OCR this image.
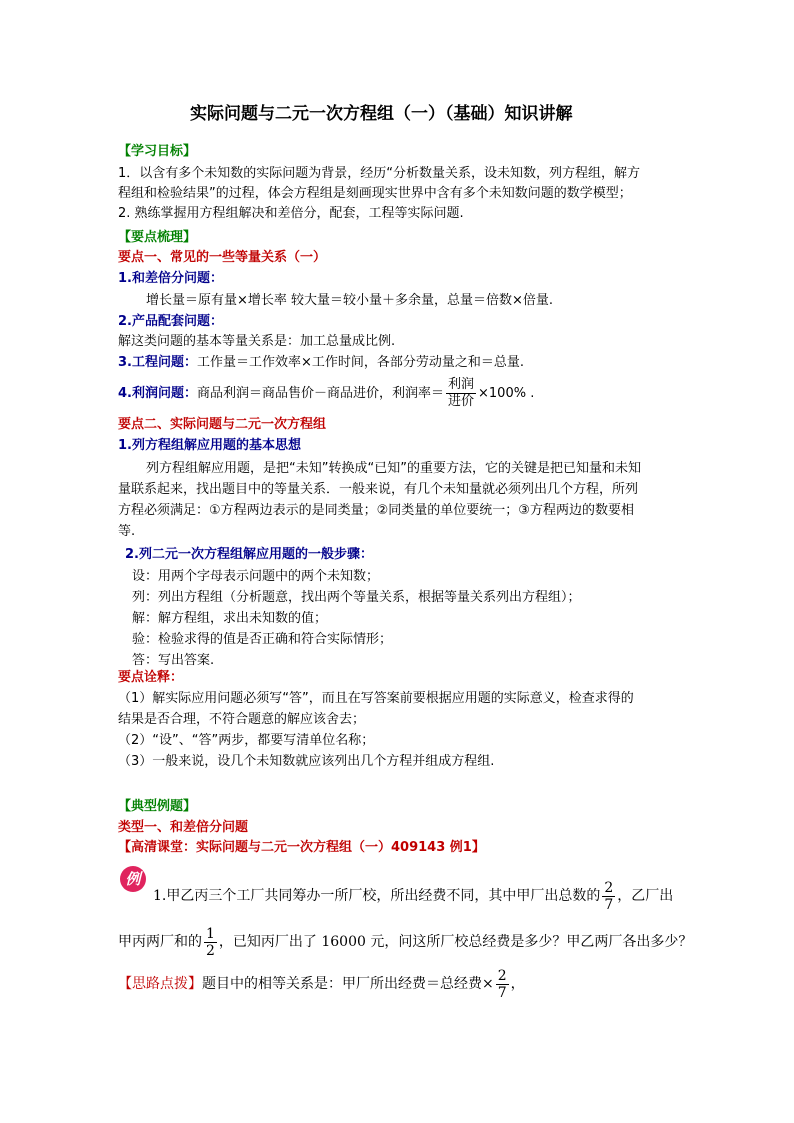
实际问题与二元一次方程组（一）（基础）知识讲解
【学习目标】
1．以含有多个未知数的实际问题为背景，经历“分析数量关系，设未知数，列方程组，解方
程组和检验结果”的过程，体会方程组是刻画现实世界中含有多个未知数问题的数学模型；
2. 熟练掌握用方程组解决和差倍分，配套，工程等实际问题.
【要点梳理】
要点一、常见的一些等量关系（一）
1.和差倍分问题：
增长量＝原有量×增长率 较大量＝较小量＋多余量，总量＝倍数×倍量.
2.产品配套问题：
解这类问题的基本等量关系是：加工总量成比例.
3.工程问题：工作量＝工作效率×工作时间，各部分劳动量之和＝总量.
4.利润问题：商品利润＝商品售价－商品进价，利润率＝ $\frac{\text{利润}}{\text{进价}} \times 100\%$ .
要点二、实际问题与二元一次方程组
1.列方程组解应用题的基本思想
列方程组解应用题，是把“未知”转换成“已知”的重要方法，它的关键是把已知量和未知
量联系起来，找出题目中的等量关系．一般来说，有几个未知量就必须列出几个方程，所列
方程必须满足：①方程两边表示的是同类量；②同类量的单位要统一；③方程两边的数要相
等.
2.列二元一次方程组解应用题的一般步骤：
设：用两个字母表示问题中的两个未知数；
列：列出方程组（分析题意，找出两个等量关系，根据等量关系列出方程组）；
解：解方程组，求出未知数的值；
验：检验求得的值是否正确和符合实际情形；
答：写出答案.
要点诠释：
（1）解实际应用问题必须写“答”，而且在写答案前要根据应用题的实际意义，检查求得的
结果是否合理，不符合题意的解应该舍去；
（2）“设”、“答”两步，都要写清单位名称；
（3）一般来说，设几个未知数就应该列出几个方程并组成方程组.
【典型例题】
类型一、和差倍分问题
【高清课堂：实际问题与二元一次方程组（一）409143 例1】
例
1.甲乙丙三个工厂共同筹办一所厂校，所出经费不同，其中甲厂出总数的 $\frac{2}{7}$ ，乙厂出
甲丙两厂和的 $\frac{1}{2}$ ，已知丙厂出了 16000 元，问这所厂校总经费是多少？甲乙两厂各出多少？
【思路点拨】题目中的相等关系是：甲厂所出经费＝总经费× $\frac{2}{7}$ ，
